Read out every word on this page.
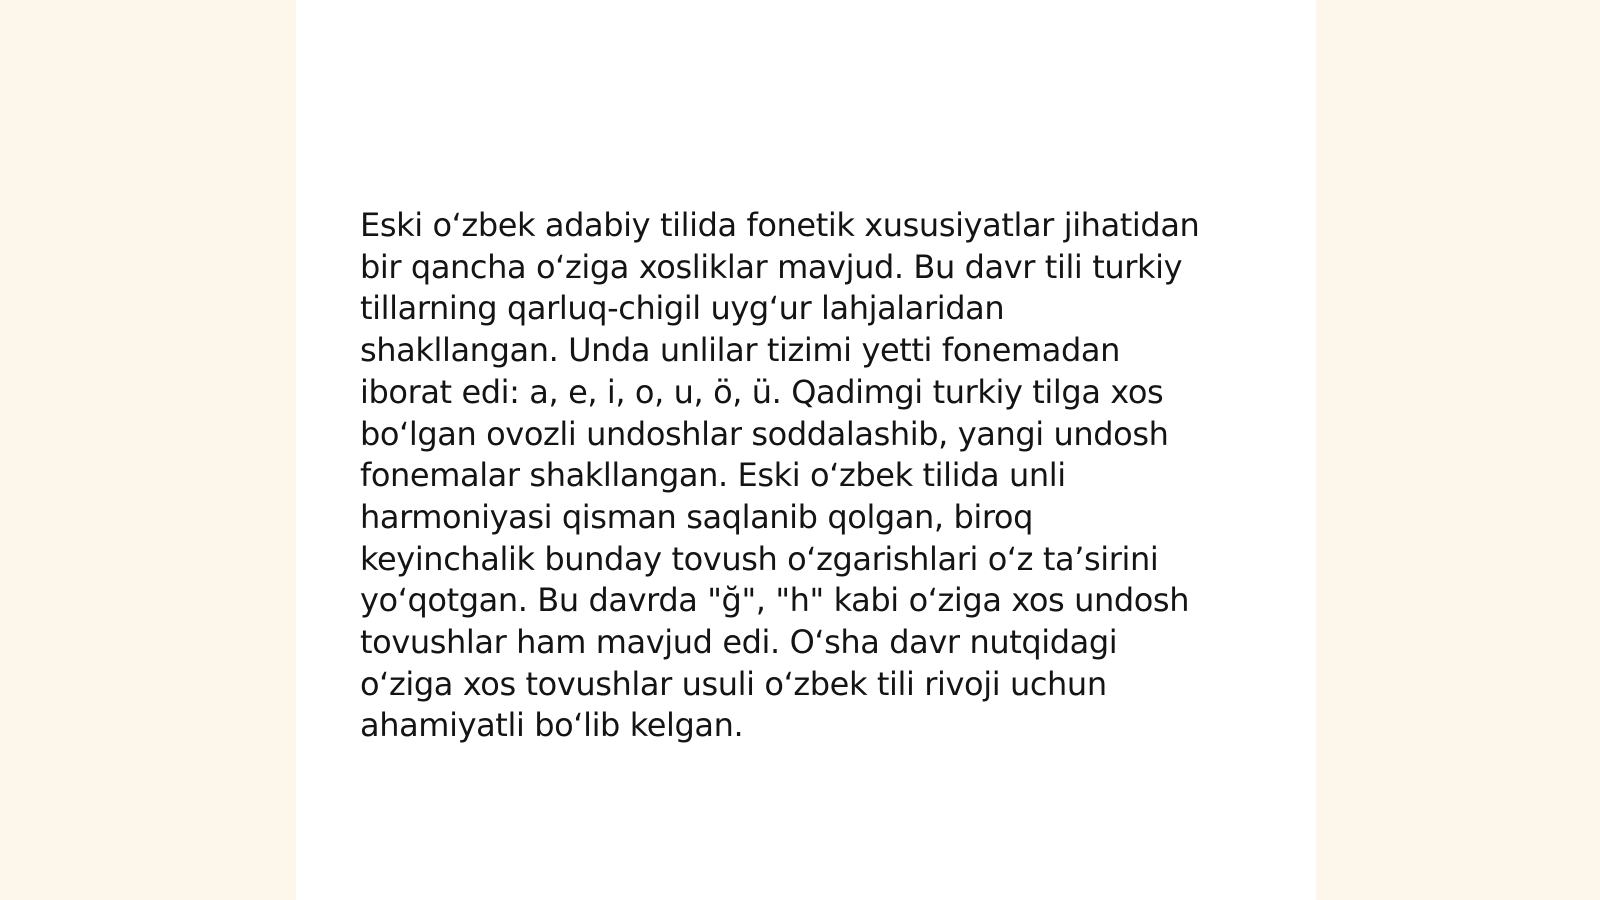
Eski oʻzbek adabiy tilida fonetik xususiyatlar jihatidan
bir qancha oʻziga xosliklar mavjud. Bu davr tili turkiy
tillarning qarluq-chigil uygʻur lahjalaridan
shakllangan. Unda unlilar tizimi yetti fonemadan
iborat edi: a, e, i, o, u, ö, ü. Qadimgi turkiy tilga xos
boʻlgan ovozli undoshlar soddalashib, yangi undosh
fonemalar shakllangan. Eski oʻzbek tilida unli
harmoniyasi qisman saqlanib qolgan, biroq
keyinchalik bunday tovush oʻzgarishlari oʻz taʼsirini
yoʻqotgan. Bu davrda "ğ", "h" kabi oʻziga xos undosh
tovushlar ham mavjud edi. Oʻsha davr nutqidagi
oʻziga xos tovushlar usuli oʻzbek tili rivoji uchun
ahamiyatli boʻlib kelgan.
